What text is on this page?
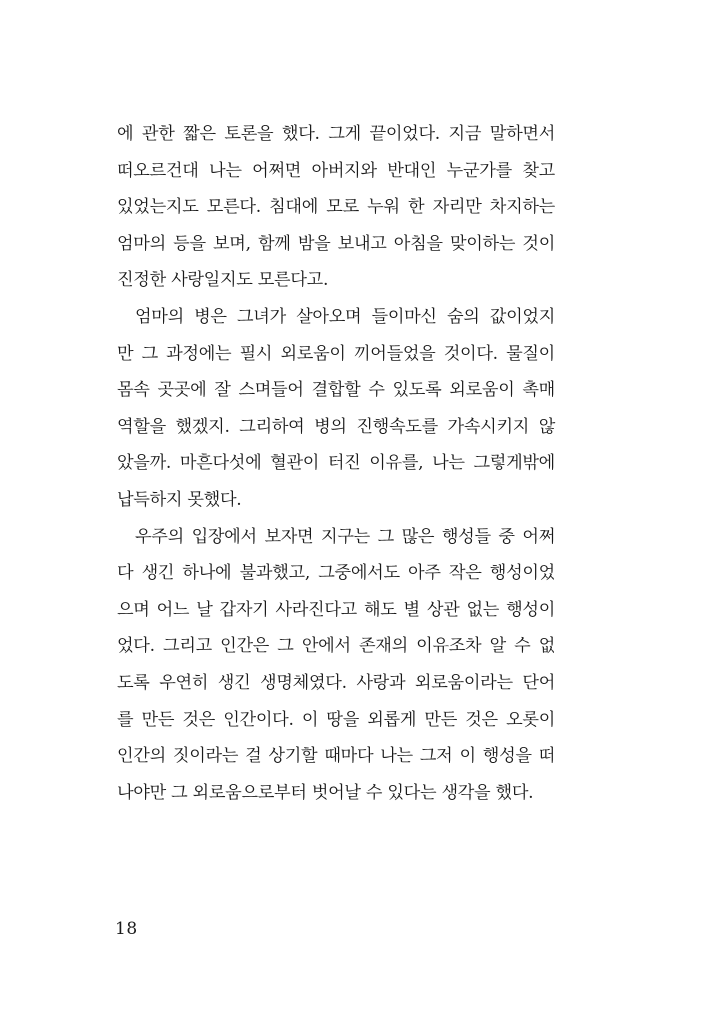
에 관한 짧은 토론을 했다. 그게 끝이었다. 지금 말하면서
떠오르건대 나는 어쩌면 아버지와 반대인 누군가를 찾고
있었는지도 모른다. 침대에 모로 누워 한 자리만 차지하는
엄마의 등을 보며, 함께 밤을 보내고 아침을 맞이하는 것이
진정한 사랑일지도 모른다고.
엄마의 병은 그녀가 살아오며 들이마신 숨의 값이었지
만 그 과정에는 필시 외로움이 끼어들었을 것이다. 물질이
몸속 곳곳에 잘 스며들어 결합할 수 있도록 외로움이 촉매
역할을 했겠지. 그리하여 병의 진행속도를 가속시키지 않
았을까. 마흔다섯에 혈관이 터진 이유를, 나는 그렇게밖에
납득하지 못했다.
우주의 입장에서 보자면 지구는 그 많은 행성들 중 어쩌
다 생긴 하나에 불과했고, 그중에서도 아주 작은 행성이었
으며 어느 날 갑자기 사라진다고 해도 별 상관 없는 행성이
었다. 그리고 인간은 그 안에서 존재의 이유조차 알 수 없
도록 우연히 생긴 생명체였다. 사랑과 외로움이라는 단어
를 만든 것은 인간이다. 이 땅을 외롭게 만든 것은 오롯이
인간의 짓이라는 걸 상기할 때마다 나는 그저 이 행성을 떠
나야만 그 외로움으로부터 벗어날 수 있다는 생각을 했다.
18
